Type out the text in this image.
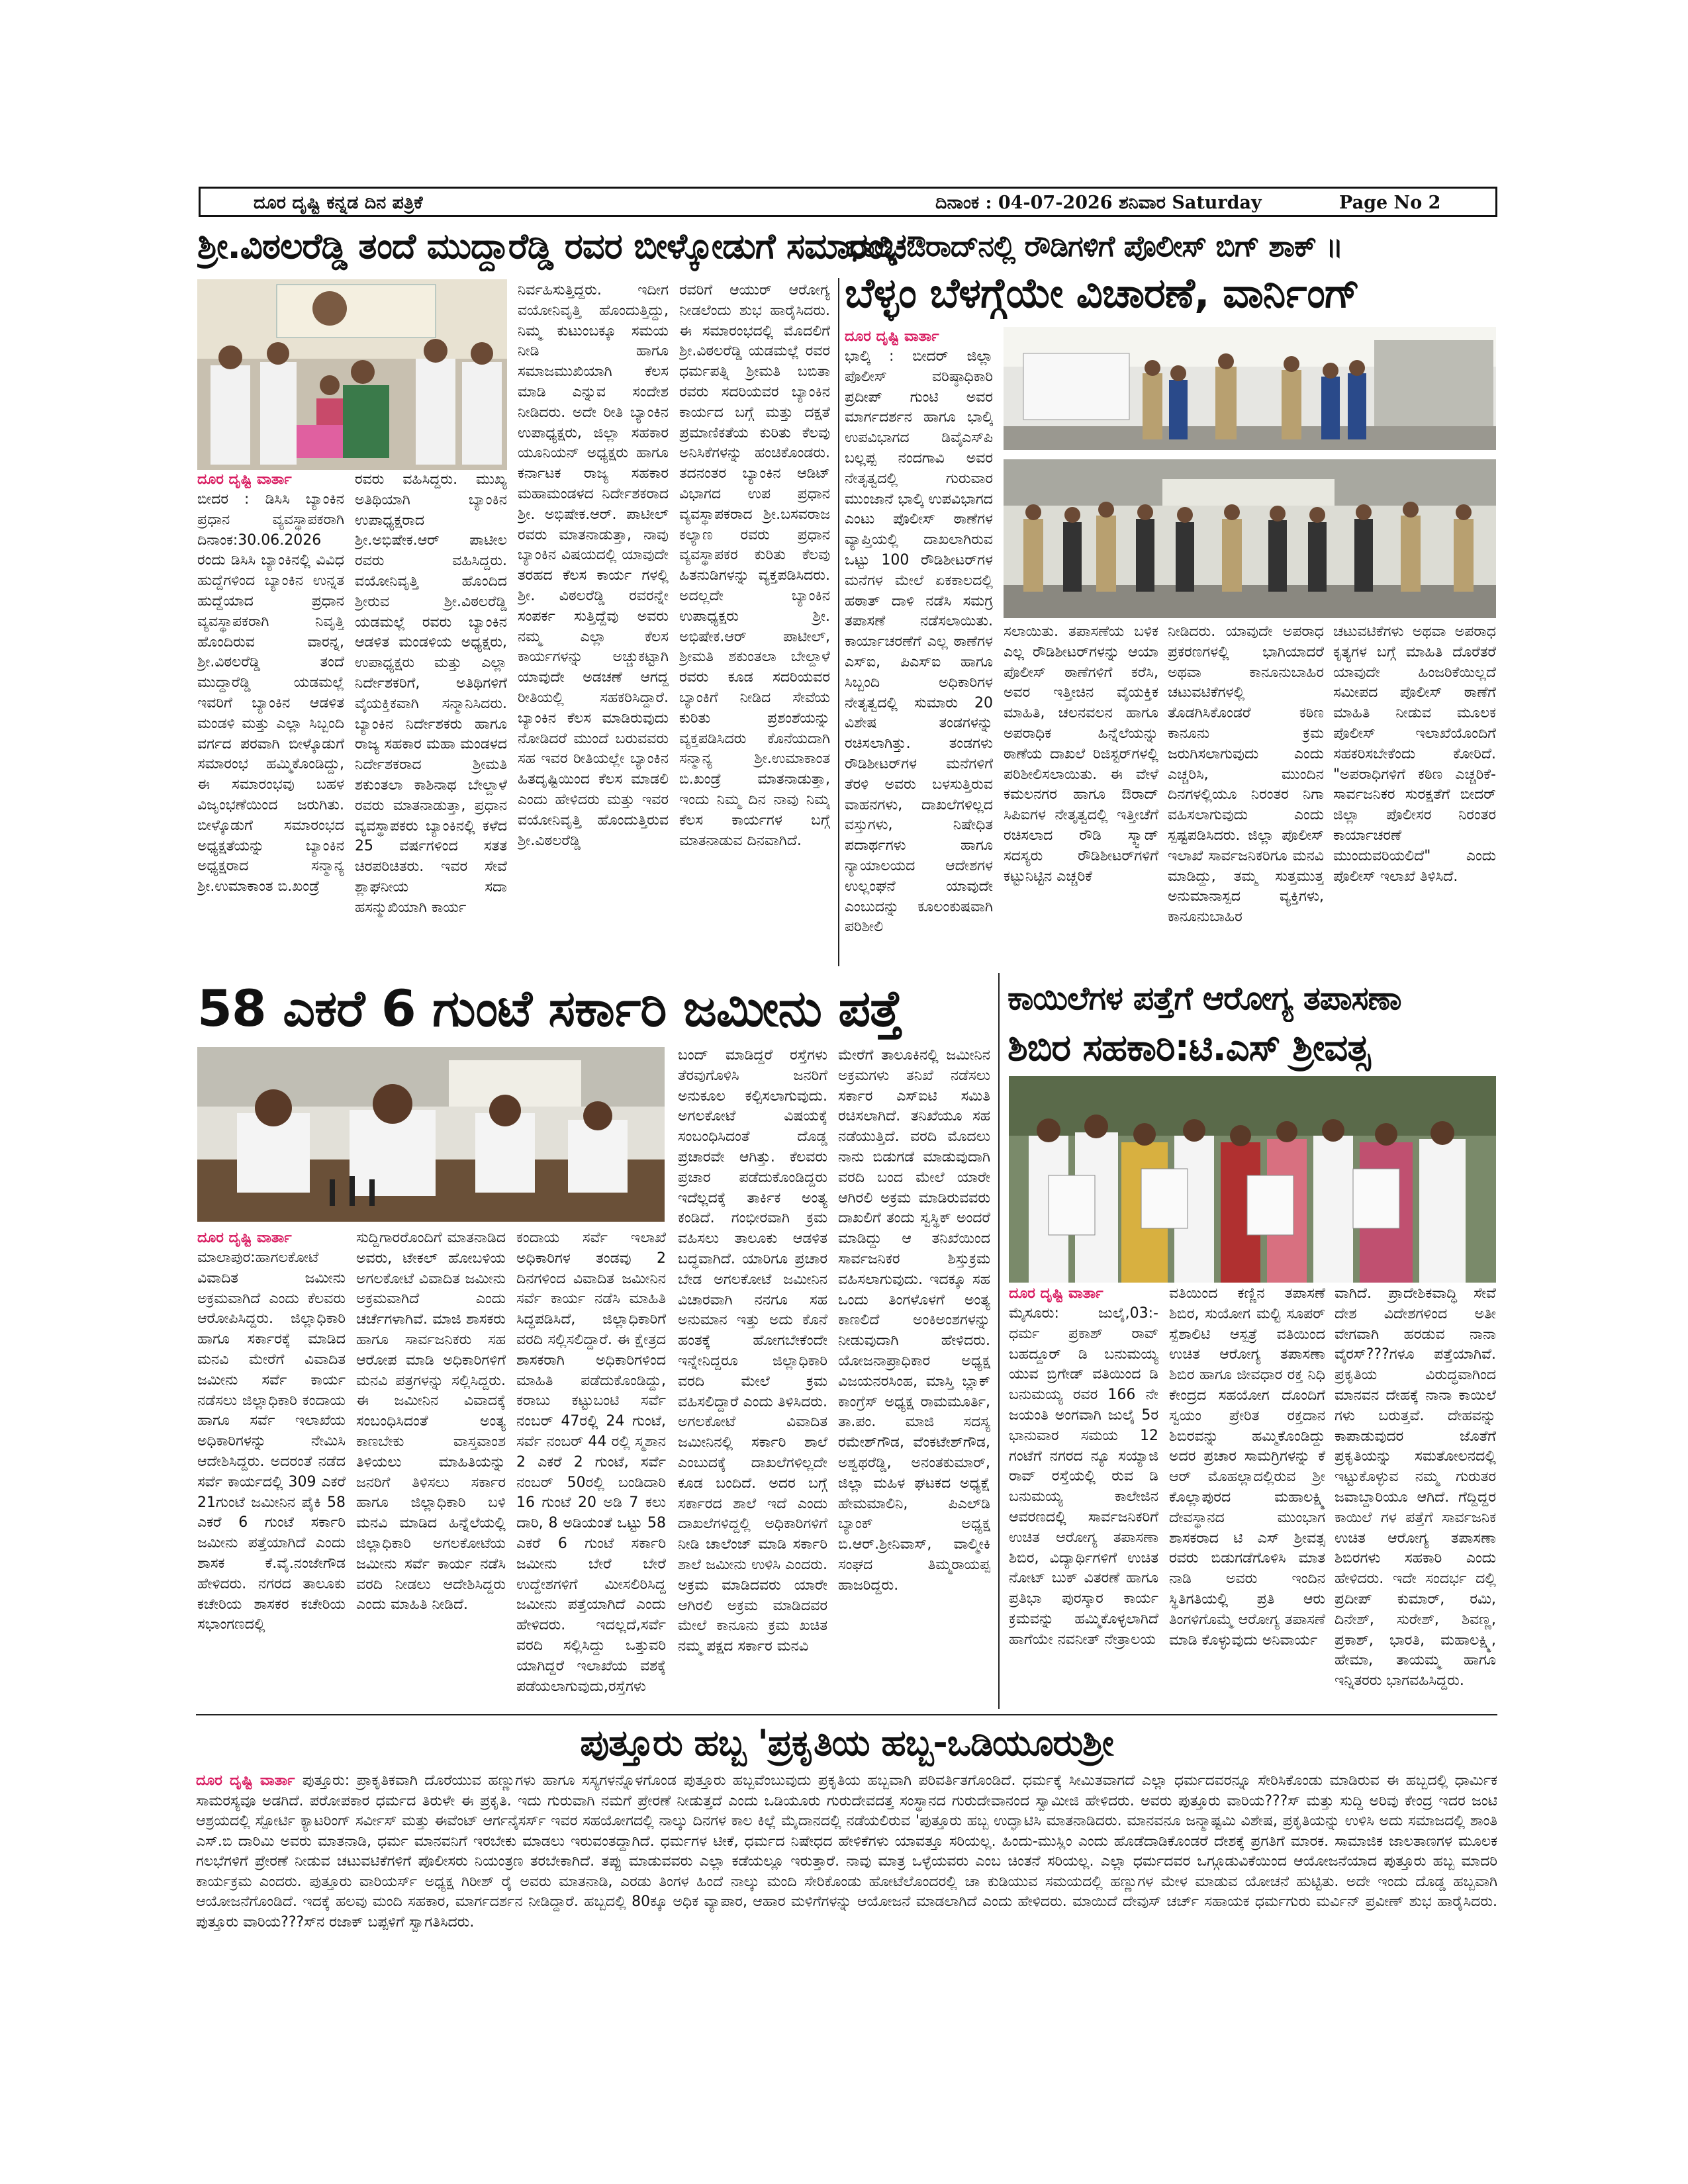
ದೂರ ದೃಷ್ಟಿ ಕನ್ನಡ ದಿನ ಪತ್ರಿಕೆ	ದಿನಾಂಕ : 04-07-2026 ಶನಿವಾರ Saturday	Page No 2
ಶ್ರೀ.ವಿಠಲರೆಡ್ಡಿ ತಂದೆ ಮುದ್ದಾರೆಡ್ಡಿ ರವರ ಬೀಳ್ಕೋಡುಗೆ ಸಮಾರಂಭ
ದೂರ ದೃಷ್ಟಿ ವಾರ್ತಾ

ಬೀದರ : ಡಿಸಿಸಿ ಬ್ಯಾಂಕಿನ ಪ್ರಧಾನ ವ್ಯವಸ್ಥಾಪಕರಾಗಿ ದಿನಾಂಕ:30.06.2026 ರಂದು ಡಿಸಿಸಿ ಬ್ಯಾಂಕಿನಲ್ಲಿ ವಿವಿಧ ಹುದ್ದೆಗಳಿಂದ ಬ್ಯಾಂಕಿನ ಉನ್ನತ ಹುದ್ದೆಯಾದ ಪ್ರಧಾನ ವ್ಯವಸ್ಥಾಪಕರಾಗಿ ನಿವೃತ್ತಿ ಹೊಂದಿರುವ ವಾರನ್ನ, ಶ್ರೀ.ವಿಠಲರೆಡ್ಡಿ ತಂದೆ ಮುದ್ದಾರೆಡ್ಡಿ ಯಡಮಲ್ಲೆ ಇವರಿಗೆ ಬ್ಯಾಂಕಿನ ಆಡಳಿತ ಮಂಡಳಿ ಮತ್ತು ಎಲ್ಲಾ ಸಿಬ್ಬಂದಿ ವರ್ಗದ ಪರವಾಗಿ ಬೀಳ್ಕೊಡುಗೆ ಸಮಾರಂಭ ಹಮ್ಮಿಕೊಂಡಿದ್ದು, ಈ ಸಮಾರಂಭವು ಬಹಳ ವಿಜೃಂಭಣೆಯಿಂದ ಜರುಗಿತು. ಬೀಳ್ಕೊಡುಗೆ ಸಮಾರಂಭದ ಅಧ್ಯಕ್ಷತೆಯನ್ನು ಬ್ಯಾಂಕಿನ ಅಧ್ಯಕ್ಷರಾದ ಸನ್ಮಾನ್ಯ ಶ್ರೀ.ಉಮಾಕಾಂತ ಬಿ.ಖಂಡ್ರೆ

ರವರು ವಹಿಸಿದ್ದರು. ಮುಖ್ಯ ಅತಿಥಿಯಾಗಿ ಬ್ಯಾಂಕಿನ ಉಪಾಧ್ಯಕ್ಷರಾದ ಶ್ರೀ.ಅಭಿಷೇಕ.ಆರ್ ಪಾಟೀಲ ರವರು ವಹಿಸಿದ್ದರು. ವಯೋನಿವೃತ್ತಿ ಹೊಂದಿದ ಶ್ರೀರುವ ಶ್ರೀ.ವಿಠಲರೆಡ್ಡಿ ಯಡಮಲ್ಲೆ ರವರು ಬ್ಯಾಂಕಿನ ಆಡಳಿತ ಮಂಡಳಿಯ ಅಧ್ಯಕ್ಷರು, ಉಪಾಧ್ಯಕ್ಷರು ಮತ್ತು ಎಲ್ಲಾ ನಿರ್ದೇಶಕರಿಗೆ, ಅತಿಥಿಗಳಿಗೆ ವೈಯಕ್ತಿಕವಾಗಿ ಸನ್ಮಾನಿಸಿದರು. ಬ್ಯಾಂಕಿನ ನಿರ್ದೇಶಕರು ಹಾಗೂ ರಾಜ್ಯ ಸಹಕಾರ ಮಹಾ ಮಂಡಳದ ನಿರ್ದೇಶಕರಾದ ಶ್ರೀಮತಿ ಶಕುಂತಲಾ ಕಾಶಿನಾಥ ಬೇಲ್ದಾಳೆ ರವರು ಮಾತನಾಡುತ್ತಾ, ಪ್ರಧಾನ ವ್ಯವಸ್ಥಾಪಕರು ಬ್ಯಾಂಕಿನಲ್ಲಿ ಕಳೆದ 25 ವರ್ಷಗಳಿಂದ ಸತತ ಚಿರಪರಿಚಿತರು. ಇವರ ಸೇವೆ ಶ್ಲಾಘನೀಯ ಸದಾ ಹಸನ್ಮುಖಿಯಾಗಿ ಕಾರ್ಯ

ನಿರ್ವಹಿಸುತ್ತಿದ್ದರು. ಇದೀಗ ವಯೋನಿವೃತ್ತಿ ಹೊಂದುತ್ತಿದ್ದು, ನಿಮ್ಮ ಕುಟುಂಬಕ್ಕೂ ಸಮಯ ನೀಡಿ ಹಾಗೂ ಸಮಾಜಮುಖಿಯಾಗಿ ಕೆಲಸ ಮಾಡಿ ಎನ್ನುವ ಸಂದೇಶ ನೀಡಿದರು. ಅದೇ ರೀತಿ ಬ್ಯಾಂಕಿನ ಉಪಾಧ್ಯಕ್ಷರು, ಜಿಲ್ಲಾ ಸಹಕಾರ ಯೂನಿಯನ್ ಅಧ್ಯಕ್ಷರು ಹಾಗೂ ಕರ್ನಾಟಕ ರಾಜ್ಯ ಸಹಕಾರ ಮಹಾಮಂಡಳದ ನಿರ್ದೇಶಕರಾದ ಶ್ರೀ. ಅಭಿಷೇಕ.ಆರ್. ಪಾಟೀಲ್ ರವರು ಮಾತನಾಡುತ್ತಾ, ನಾವು ಬ್ಯಾಂಕಿನ ವಿಷಯದಲ್ಲಿ ಯಾವುದೇ ತರಹದ ಕೆಲಸ ಕಾರ್ಯ ಗಳಲ್ಲಿ ಶ್ರೀ. ವಿಠಲರೆಡ್ಡಿ ರವರನ್ನೇ ಸಂಪರ್ಕ ಸುತ್ತಿದ್ದೆವು ಅವರು ನಮ್ಮ ಎಲ್ಲಾ ಕೆಲಸ ಕಾರ್ಯಗಳನ್ನು ಅಚ್ಚುಕಟ್ಟಾಗಿ ಯಾವುದೇ ಅಡಚಣೆ ಆಗದ್ದ ರೀತಿಯಲ್ಲಿ ಸಹಕರಿಸಿದ್ದಾರೆ. ಬ್ಯಾಂಕಿನ ಕೆಲಸ ಮಾಡಿರುವುದು ನೋಡಿದರೆ ಮುಂದೆ ಬರುವವರು ಸಹ ಇವರ ರೀತಿಯಲ್ಲೇ ಬ್ಯಾಂಕಿನ ಹಿತದೃಷ್ಟಿಯಿಂದ ಕೆಲಸ ಮಾಡಲಿ ಎಂದು ಹೇಳಿದರು ಮತ್ತು ಇವರ ವಯೋನಿವೃತ್ತಿ ಹೊಂದುತ್ತಿರುವ ಶ್ರೀ.ವಿಠಲರೆಡ್ಡಿ

ರವರಿಗೆ ಆಯುರ್ ಆರೋಗ್ಯ ನೀಡಲೆಂದು ಶುಭ ಹಾರೈಸಿದರು. ಈ ಸಮಾರಂಭದಲ್ಲಿ ಮೊದಲಿಗೆ ಶ್ರೀ.ವಿಠಲರೆಡ್ಡಿ ಯಡಮಲ್ಲೆ ರವರ ಧರ್ಮಪತ್ನಿ ಶ್ರೀಮತಿ ಬಬಿತಾ ರವರು ಸದರಿಯವರ ಬ್ಯಾಂಕಿನ ಕಾರ್ಯದ ಬಗ್ಗೆ ಮತ್ತು ದಕ್ಷತೆ ಪ್ರಮಾಣಿಕತೆಯ ಕುರಿತು ಕೆಲವು ಅನಿಸಿಕೆಗಳನ್ನು ಹಂಚಿಕೊಂಡರು. ತದನಂತರ ಬ್ಯಾಂಕಿನ ಆಡಿಟ್ ವಿಭಾಗದ ಉಪ ಪ್ರಧಾನ ವ್ಯವಸ್ಥಾಪಕರಾದ ಶ್ರೀ.ಬಸವರಾಜ ಕಲ್ಯಾಣ ರವರು ಪ್ರಧಾನ ವ್ಯವಸ್ಥಾಪಕರ ಕುರಿತು ಕೆಲವು ಹಿತನುಡಿಗಳನ್ನು ವ್ಯಕ್ತಪಡಿಸಿದರು. ಅದಲ್ಲದೇ ಬ್ಯಾಂಕಿನ ಉಪಾಧ್ಯಕ್ಷರು ಶ್ರೀ. ಅಭಿಷೇಕ.ಆರ್ ಪಾಟೀಲ್, ಶ್ರೀಮತಿ ಶಕುಂತಲಾ ಬೇಲ್ದಾಳೆ ರವರು ಕೂಡ ಸದರಿಯವರ ಬ್ಯಾಂಕಿಗೆ ನೀಡಿದ ಸೇವೆಯ ಕುರಿತು ಪ್ರಶಂಶೆಯನ್ನು ವ್ಯಕ್ತಪಡಿಸಿದರು ಕೊನೆಯದಾಗಿ ಸನ್ಮಾನ್ಯ ಶ್ರೀ.ಉಮಾಕಾಂತ ಬಿ.ಖಂಡ್ರೆ ಮಾತನಾಡುತ್ತಾ, ಇಂದು ನಿಮ್ಮ ದಿನ ನಾವು ನಿಮ್ಮ ಕೆಲಸ ಕಾರ್ಯಗಳ ಬಗ್ಗೆ ಮಾತನಾಡುವ ದಿನವಾಗಿದೆ.

ಭಾಲ್ಕಿ-ಔರಾದ್‌ನಲ್ಲಿ ರೌಡಿಗಳಿಗೆ ಪೊಲೀಸ್ ಬಿಗ್ ಶಾಕ್ ॥
ಬೆಳ್ಳಂ ಬೆಳಗ್ಗೆಯೇ ವಿಚಾರಣೆ, ವಾರ್ನಿಂಗ್
ದೂರ ದೃಷ್ಟಿ ವಾರ್ತಾ

ಭಾಲ್ಕಿ : ಬೀದರ್ ಜಿಲ್ಲಾ ಪೊಲೀಸ್ ವರಿಷ್ಠಾಧಿಕಾರಿ ಪ್ರದೀಪ್ ಗುಂಟಿ ಅವರ ಮಾರ್ಗದರ್ಶನ ಹಾಗೂ ಭಾಲ್ಕಿ ಉಪವಿಭಾಗದ ಡಿವೈಎಸ್‌ಪಿ ಬಲ್ಲಪ್ಪ ನಂದಗಾವಿ ಅವರ ನೇತೃತ್ವದಲ್ಲಿ ಗುರುವಾರ ಮುಂಜಾನೆ ಭಾಲ್ಕಿ ಉಪವಿಭಾಗದ ಎಂಟು ಪೊಲೀಸ್ ಠಾಣೆಗಳ ವ್ಯಾಪ್ತಿಯಲ್ಲಿ ದಾಖಲಾಗಿರುವ ಒಟ್ಟು 100 ರೌಡಿಶೀಟರ್‌ಗಳ ಮನೆಗಳ ಮೇಲೆ ಏಕಕಾಲದಲ್ಲಿ ಹಠಾತ್ ದಾಳಿ ನಡೆಸಿ ಸಮಗ್ರ ತಪಾಸಣೆ ನಡೆಸಲಾಯಿತು. ಕಾರ್ಯಾಚರಣೆಗೆ ಎಲ್ಲ ಠಾಣೆಗಳ ಎಸ್‌ಐ, ಪಿಎಸ್‌ಐ ಹಾಗೂ ಸಿಬ್ಬಂದಿ ಅಧಿಕಾರಿಗಳ ನೇತೃತ್ವದಲ್ಲಿ ಸುಮಾರು 20 ವಿಶೇಷ ತಂಡಗಳನ್ನು ರಚಿಸಲಾಗಿತ್ತು. ತಂಡಗಳು ರೌಡಿಶೀಟರ್‌ಗಳ ಮನೆಗಳಿಗೆ ತೆರಳಿ ಅವರು ಬಳಸುತ್ತಿರುವ ವಾಹನಗಳು, ದಾಖಲೆಗಳಿಲ್ಲದ ವಸ್ತುಗಳು, ನಿಷೇಧಿತ ಪದಾರ್ಥಗಳು ಹಾಗೂ ನ್ಯಾಯಾಲಯದ ಆದೇಶಗಳ ಉಲ್ಲಂಘನೆ ಯಾವುದೇ ಎಂಬುದನ್ನು ಕೂಲಂಕುಷವಾಗಿ ಪರಿಶೀಲಿ

ಸಲಾಯಿತು. ತಪಾಸಣೆಯ ಬಳಿಕ ಎಲ್ಲ ರೌಡಿಶೀಟರ್‌ಗಳನ್ನು ಆಯಾ ಪೊಲೀಸ್ ಠಾಣೆಗಳಿಗೆ ಕರೆಸಿ, ಅವರ ಇತ್ತೀಚಿನ ವೈಯಕ್ತಿಕ ಮಾಹಿತಿ, ಚಲನವಲನ ಹಾಗೂ ಅಪರಾಧಿಕ ಹಿನ್ನೆಲೆಯನ್ನು ಠಾಣೆಯ ದಾಖಲೆ ರಿಜಿಸ್ಟರ್‌ಗಳಲ್ಲಿ ಪರಿಶೀಲಿಸಲಾಯಿತು. ಈ ವೇಳೆ ಕಮಲನಗರ ಹಾಗೂ ಔರಾದ್ ಸಿಪಿಐಗಳ ನೇತೃತ್ವದಲ್ಲಿ ಇತ್ತೀಚೆಗೆ ರಚಿಸಲಾದ ರೌಡಿ ಸ್ಕ್ವಾಡ್ ಸದಸ್ಯರು ರೌಡಿಶೀಟರ್‌ಗಳಿಗೆ ಕಟ್ಟುನಿಟ್ಟಿನ ಎಚ್ಚರಿಕೆ

ನೀಡಿದರು. ಯಾವುದೇ ಅಪರಾಧ ಪ್ರಕರಣಗಳಲ್ಲಿ ಭಾಗಿಯಾದರೆ ಅಥವಾ ಕಾನೂನುಬಾಹಿರ ಚಟುವಟಿಕೆಗಳಲ್ಲಿ ತೊಡಗಿಸಿಕೊಂಡರೆ ಕಠಿಣ ಕಾನೂನು ಕ್ರಮ ಜರುಗಿಸಲಾಗುವುದು ಎಂದು ಎಚ್ಚರಿಸಿ, ಮುಂದಿನ ದಿನಗಳಲ್ಲಿಯೂ ನಿರಂತರ ನಿಗಾ ವಹಿಸಲಾಗುವುದು ಎಂದು ಸ್ಪಷ್ಟಪಡಿಸಿದರು. ಜಿಲ್ಲಾ ಪೊಲೀಸ್ ಇಲಾಖೆ ಸಾರ್ವಜನಿಕರಿಗೂ ಮನವಿ ಮಾಡಿದ್ದು, ತಮ್ಮ ಸುತ್ತಮುತ್ತ ಅನುಮಾನಾಸ್ಪದ ವ್ಯಕ್ತಿಗಳು, ಕಾನೂನುಬಾಹಿರ

ಚಟುವಟಿಕೆಗಳು ಅಥವಾ ಅಪರಾಧ ಕೃತ್ಯಗಳ ಬಗ್ಗೆ ಮಾಹಿತಿ ದೊರೆತರೆ ಯಾವುದೇ ಹಿಂಜರಿಕೆಯಿಲ್ಲದೆ ಸಮೀಪದ ಪೊಲೀಸ್ ಠಾಣೆಗೆ ಮಾಹಿತಿ ನೀಡುವ ಮೂಲಕ ಪೊಲೀಸ್ ಇಲಾಖೆಯೊಂದಿಗೆ ಸಹಕರಿಸಬೇಕೆಂದು ಕೋರಿದೆ. "ಅಪರಾಧಿಗಳಿಗೆ ಕಠಿಣ ಎಚ್ಚರಿಕೆ-ಸಾರ್ವಜನಿಕರ ಸುರಕ್ಷತೆಗೆ ಬೀದರ್ ಜಿಲ್ಲಾ ಪೊಲೀಸರ ನಿರಂತರ ಕಾರ್ಯಾಚರಣೆ ಮುಂದುವರಿಯಲಿದೆ" ಎಂದು ಪೊಲೀಸ್ ಇಲಾಖೆ ತಿಳಿಸಿದೆ.

58 ಎಕರೆ 6 ಗುಂಟೆ ಸರ್ಕಾರಿ ಜಮೀನು ಪತ್ತೆ
ದೂರ ದೃಷ್ಟಿ ವಾರ್ತಾ

ಮಾಲಾಪುರ:ಹಾಗಲಕೋಟೆ ವಿವಾದಿತ ಜಮೀನು ಅಕ್ರಮವಾಗಿದೆ ಎಂದು ಕೆಲವರು ಆರೋಪಿಸಿದ್ದರು. ಜಿಲ್ಲಾಧಿಕಾರಿ ಹಾಗೂ ಸರ್ಕಾರಕ್ಕೆ ಮಾಡಿದ ಮನವಿ ಮೇರೆಗೆ ವಿವಾದಿತ ಜಮೀನು ಸರ್ವೆ ಕಾರ್ಯ ನಡೆಸಲು ಜಿಲ್ಲಾಧಿಕಾರಿ ಕಂದಾಯ ಹಾಗೂ ಸರ್ವೆ ಇಲಾಖೆಯ ಅಧಿಕಾರಿಗಳನ್ನು ನೇಮಿಸಿ ಆದೇಶಿಸಿದ್ದರು. ಅದರಂತೆ ನಡೆದ ಸರ್ವೆ ಕಾರ್ಯದಲ್ಲಿ 309 ಎಕರೆ 21ಗುಂಟೆ ಜಮೀನಿನ ಪೈಕಿ 58 ಎಕರೆ 6 ಗುಂಟೆ ಸರ್ಕಾರಿ ಜಮೀನು ಪತ್ತೆಯಾಗಿದೆ ಎಂದು ಶಾಸಕ ಕೆ.ವೈ.ನಂಜೇಗೌಡ ಹೇಳಿದರು. ನಗರದ ತಾಲೂಕು ಕಚೇರಿಯ ಶಾಸಕರ ಕಚೇರಿಯ ಸಭಾಂಗಣದಲ್ಲಿ

ಸುದ್ದಿಗಾರರೊಂದಿಗೆ ಮಾತನಾಡಿದ ಅವರು, ಟೇಕಲ್ ಹೋಬಳಿಯ ಅಗಲಕೋಟೆ ವಿವಾದಿತ ಜಮೀನು ಅಕ್ರಮವಾಗಿದೆ ಎಂದು ಚರ್ಚೆಗಳಾಗಿವೆ. ಮಾಜಿ ಶಾಸಕರು ಹಾಗೂ ಸಾರ್ವಜನಿಕರು ಸಹ ಆರೋಪ ಮಾಡಿ ಅಧಿಕಾರಿಗಳಿಗೆ ಮನವಿ ಪತ್ರಗಳನ್ನು ಸಲ್ಲಿಸಿದ್ದರು. ಈ ಜಮೀನಿನ ವಿವಾದಕ್ಕೆ ಸಂಬಂಧಿಸಿದಂತೆ ಅಂತ್ಯ ಕಾಣಬೇಕು ವಾಸ್ತವಾಂಶ ತಿಳಿಯಲು ಮಾಹಿತಿಯನ್ನು ಜನರಿಗೆ ತಿಳಿಸಲು ಸರ್ಕಾರ ಹಾಗೂ ಜಿಲ್ಲಾಧಿಕಾರಿ ಬಳಿ ಮನವಿ ಮಾಡಿದ ಹಿನ್ನೆಲೆಯಲ್ಲಿ ಜಿಲ್ಲಾಧಿಕಾರಿ ಅಗಲಕೋಟೆಯ ಜಮೀನು ಸರ್ವೆ ಕಾರ್ಯ ನಡೆಸಿ ವರದಿ ನೀಡಲು ಆದೇಶಿಸಿದ್ದರು ಎಂದು ಮಾಹಿತಿ ನೀಡಿದೆ.

ಕಂದಾಯ ಸರ್ವೆ ಇಲಾಖೆ ಅಧಿಕಾರಿಗಳ ತಂಡವು 2 ದಿನಗಳಿಂದ ವಿವಾದಿತ ಜಮೀನಿನ ಸರ್ವೆ ಕಾರ್ಯ ನಡೆಸಿ ಮಾಹಿತಿ ಸಿದ್ಧಪಡಿಸಿದೆ, ಜಿಲ್ಲಾಧಿಕಾರಿಗೆ ವರದಿ ಸಲ್ಲಿಸಲಿದ್ದಾರೆ. ಈ ಕ್ಷೇತ್ರದ ಶಾಸಕರಾಗಿ ಅಧಿಕಾರಿಗಳಿಂದ ಮಾಹಿತಿ ಪಡೆದುಕೊಂಡಿದ್ದು, ಕರಾಬು ಕಟ್ಟುಬಂಟಿ ಸರ್ವೆ ನಂಬರ್ 47ರಲ್ಲಿ 24 ಗುಂಟೆ, ಸರ್ವೆ ನಂಬರ್ 44 ರಲ್ಲಿ ಸ್ಮಶಾನ 2 ಎಕರೆ 2 ಗುಂಟೆ, ಸರ್ವೆ ನಂಬರ್ 50ರಲ್ಲಿ ಬಂಡಿದಾರಿ 16 ಗುಂಟೆ 20 ಅಡಿ 7 ಕಲು ದಾರಿ, 8 ಅಡಿಯಂತೆ ಒಟ್ಟು 58 ಎಕರೆ 6 ಗುಂಟೆ ಸರ್ಕಾರಿ ಜಮೀನು ಬೇರೆ ಬೇರೆ ಉದ್ದೇಶಗಳಿಗೆ ಮೀಸಲಿರಿಸಿದ್ದ ಜಮೀನು ಪತ್ತೆಯಾಗಿದೆ ಎಂದು ಹೇಳಿದರು. ಇದಲ್ಲದೆ,ಸರ್ವೆ ವರದಿ ಸಲ್ಲಿಸಿದ್ದು ಒತ್ತುವರಿ ಯಾಗಿದ್ದರೆ ಇಲಾಖೆಯ ವಶಕ್ಕೆ ಪಡೆಯಲಾಗುವುದು,ರಸ್ತೆಗಳು

ಬಂದ್ ಮಾಡಿದ್ದರೆ ರಸ್ತೆಗಳು ತೆರವುಗೊಳಿಸಿ ಜನರಿಗೆ ಅನುಕೂಲ ಕಲ್ಪಿಸಲಾಗುವುದು. ಅಗಲಕೋಟೆ ವಿಷಯಕ್ಕೆ ಸಂಬಂಧಿಸಿದಂತೆ ದೊಡ್ಡ ಪ್ರಚಾರವೇ ಆಗಿತ್ತು. ಕೆಲವರು ಪ್ರಚಾರ ಪಡೆದುಕೊಂಡಿದ್ದರು ಇದೆಲ್ಲದಕ್ಕೆ ತಾರ್ಕಿಕ ಅಂತ್ಯ ಕಂಡಿದೆ. ಗಂಭೀರವಾಗಿ ಕ್ರಮ ವಹಿಸಲು ತಾಲೂಕು ಆಡಳಿತ ಬದ್ಧವಾಗಿದೆ. ಯಾರಿಗೂ ಪ್ರಚಾರ ಬೇಡ ಅಗಲಕೋಟೆ ಜಮೀನಿನ ವಿಚಾರವಾಗಿ ನನಗೂ ಸಹ ಅನುಮಾನ ಇತ್ತು ಅದು ಕೊನೆ ಹಂತಕ್ಕೆ ಹೋಗಬೇಕೆಂದೇ ಇನ್ನೇನಿದ್ದರೂ ಜಿಲ್ಲಾಧಿಕಾರಿ ವರದಿ ಮೇಲೆ ಕ್ರಮ ವಹಿಸಲಿದ್ದಾರೆ ಎಂದು ತಿಳಿಸಿದರು. ಅಗಲಕೋಟೆ ವಿವಾದಿತ ಜಮೀನಿನಲ್ಲಿ ಸರ್ಕಾರಿ ಶಾಲೆ ಎಂಬುದಕ್ಕೆ ದಾಖಲೆಗಳಿಲ್ಲದೇ ಕೂಡ ಬಂದಿದೆ. ಅದರ ಬಗ್ಗೆ ಸರ್ಕಾರದ ಶಾಲೆ ಇದೆ ಎಂದು ದಾಖಲೆಗಳಿದ್ದಲ್ಲಿ ಅಧಿಕಾರಿಗಳಿಗೆ ನೀಡಿ ಚಾಲೆಂಜ್ ಮಾಡಿ ಸರ್ಕಾರಿ ಶಾಲೆ ಜಮೀನು ಉಳಿಸಿ ಎಂದರು. ಅಕ್ರಮ ಮಾಡಿದವರು ಯಾರೇ ಆಗಿರಲಿ ಅಕ್ರಮ ಮಾಡಿದವರ ಮೇಲೆ ಕಾನೂನು ಕ್ರಮ ಖಚಿತ ನಮ್ಮ ಪಕ್ಷದ ಸರ್ಕಾರ ಮನವಿ

ಮೇರೆಗೆ ತಾಲೂಕಿನಲ್ಲಿ ಜಮೀನಿನ ಅಕ್ರಮಗಳು ತನಿಖೆ ನಡೆಸಲು ಸರ್ಕಾರ ಎಸ್‌ಐಟಿ ಸಮಿತಿ ರಚಿಸಲಾಗಿದೆ. ತನಿಖೆಯೂ ಸಹ ನಡೆಯುತ್ತಿದೆ. ವರದಿ ಮೊದಲು ನಾನು ಬಿಡುಗಡೆ ಮಾಡುವುದಾಗಿ ವರದಿ ಬಂದ ಮೇಲೆ ಯಾರೇ ಆಗಿರಲಿ ಅಕ್ರಮ ಮಾಡಿರುವವರು ದಾಖಲಿಗೆ ತಂದು ಸ್ವಸ್ಥಿಕ್ ಅಂದರೆ ಮಾಡಿದ್ದು ಆ ತನಿಖೆಯಿಂದ ಸಾರ್ವಜನಿಕರ ಶಿಸ್ತುಕ್ರಮ ವಹಿಸಲಾಗುವುದು. ಇದಕ್ಕೂ ಸಹ ಒಂದು ತಿಂಗಳೊಳಗೆ ಅಂತ್ಯ ಕಾಣಲಿದೆ ಅಂಕಿಅಂಶಗಳನ್ನು ನೀಡುವುದಾಗಿ ಹೇಳಿದರು. ಯೋಜನಾಪ್ರಾಧಿಕಾರ ಅಧ್ಯಕ್ಷ ವಿಜಯನರಸಿಂಹ, ಮಾಸ್ತಿ ಬ್ಲಾಕ್ ಕಾಂಗ್ರೆಸ್ ಅಧ್ಯಕ್ಷ ರಾಮಮೂರ್ತಿ, ತಾ.ಪಂ. ಮಾಜಿ ಸದಸ್ಯ ರಮೇಶ್‌ಗೌಡ, ವೆಂಕಟೇಶ್‌ಗೌಡ, ಅಶ್ವಥರೆಡ್ಡಿ, ಅನಂತಕುಮಾರ್, ಜಿಲ್ಲಾ ಮಹಿಳ ಘಟಕದ ಅಧ್ಯಕ್ಷೆ ಹೇಮಮಾಲಿನಿ, ಪಿಎಲ್‌ಡಿ ಬ್ಯಾಂಕ್ ಅಧ್ಯಕ್ಷ ಬಿ.ಆರ್.ಶ್ರೀನಿವಾಸ್, ವಾಲ್ಮೀಕಿ ಸಂಘದ ತಿಮ್ಮರಾಯಪ್ಪ ಹಾಜರಿದ್ದರು.

ಕಾಯಿಲೆಗಳ ಪತ್ತೆಗೆ ಆರೋಗ್ಯ ತಪಾಸಣಾ
ಶಿಬಿರ ಸಹಕಾರಿ:ಟಿ.ಎಸ್ ಶ್ರೀವತ್ಸ
ದೂರ ದೃಷ್ಟಿ ವಾರ್ತಾ

ಮೈಸೂರು: ಜುಲೈ,03:- ಧರ್ಮ ಪ್ರಕಾಶ್ ರಾವ್ ಬಹದ್ದೂರ್ ಡಿ ಬನುಮಯ್ಯ ಯುವ ಬ್ರಿಗೇಡ್ ವತಿಯಿಂದ ಡಿ ಬನುಮಯ್ಯ ರವರ 166 ನೇ ಜಯಂತಿ ಅಂಗವಾಗಿ ಜುಲೈ 5ರ ಭಾನುವಾರ ಸಮಯ 12 ಗಂಟೆಗೆ ನಗರದ ನ್ಯೂ ಸಯ್ಯಾಜಿ ರಾವ್ ರಸ್ತೆಯಲ್ಲಿ ರುವ ಡಿ ಬನುಮಯ್ಯ ಕಾಲೇಜಿನ ಆವರಣದಲ್ಲಿ ಸಾರ್ವಜನಿಕರಿಗೆ ಉಚಿತ ಆರೋಗ್ಯ ತಪಾಸಣಾ ಶಿಬಿರ, ವಿದ್ಯಾರ್ಥಿಗಳಿಗೆ ಉಚಿತ ನೋಟ್ ಬುಕ್ ವಿತರಣೆ ಹಾಗೂ ಪ್ರತಿಭಾ ಪುರಸ್ಕಾರ ಕಾರ್ಯ ಕ್ರಮವನ್ನು ಹಮ್ಮಿಕೊಳ್ಳಲಾಗಿದೆ ಹಾಗೆಯೇ ನವನೀತ್ ನೇತ್ರಾಲಯ

ವತಿಯಿಂದ ಕಣ್ಣಿನ ತಪಾಸಣೆ ಶಿಬಿರ, ಸುಯೋಗ ಮಲ್ಟಿ ಸೂಪರ್ ಸ್ಪೆಶಾಲಿಟಿ ಆಸ್ಪತ್ರೆ ವತಿಯಿಂದ ಉಚಿತ ಆರೋಗ್ಯ ತಪಾಸಣಾ ಶಿಬಿರ ಹಾಗೂ ಜೀವಧಾರ ರಕ್ತ ನಿಧಿ ಕೇಂದ್ರದ ಸಹಯೋಗ ದೊಂದಿಗೆ ಸ್ವಯಂ ಪ್ರೇರಿತ ರಕ್ತದಾನ ಶಿಬಿರವನ್ನು ಹಮ್ಮಿಕೊಂಡಿದ್ದು ಅದರ ಪ್ರಚಾರ ಸಾಮಗ್ರಿಗಳನ್ನು ಕೆ ಆರ್ ಮೊಹಲ್ಲಾದಲ್ಲಿರುವ ಶ್ರೀ ಕೊಲ್ಲಾಪುರದ ಮಹಾಲಕ್ಷ್ಮಿ ದೇವಸ್ಥಾನದ ಮುಂಭಾಗ ಶಾಸಕರಾದ ಟಿ ಎಸ್ ಶ್ರೀವತ್ಸ ರವರು ಬಿಡುಗಡೆಗೊಳಿಸಿ ಮಾತ ನಾಡಿ ಅವರು ಇಂದಿನ ಸ್ಥಿತಿಗತಿಯಲ್ಲಿ ಪ್ರತಿ ಆರು ತಿಂಗಳಿಗೊಮ್ಮೆ ಆರೋಗ್ಯ ತಪಾಸಣೆ ಮಾಡಿ ಕೊಳ್ಳುವುದು ಅನಿವಾರ್ಯ

ವಾಗಿದೆ. ಪ್ರಾದೇಶಿಕವಾದ್ಧಿ ಸೇವೆ ದೇಶ ವಿದೇಶಗಳಿಂದ ಅತೀ ವೇಗವಾಗಿ ಹರಡುವ ನಾನಾ ವೈರಸ್???ಗಳೂ ಪತ್ತೆಯಾಗಿವೆ. ಪ್ರಕೃತಿಯ ವಿರುದ್ಧವಾಗಿಂದ ಮಾನವನ ದೇಹಕ್ಕೆ ನಾನಾ ಕಾಯಿಲೆ ಗಳು ಬರುತ್ತವೆ. ದೇಹವನ್ನು ಕಾಪಾಡುವುದರ ಜೊತೆಗೆ ಪ್ರಕೃತಿಯನ್ನು ಸಮತೋಲನದಲ್ಲಿ ಇಟ್ಟುಕೊಳ್ಳುವ ನಮ್ಮ ಗುರುತರ ಜವಾಬ್ದಾರಿಯೂ ಆಗಿದೆ. ಗೆದ್ದಿದ್ದರ ಕಾಯಿಲೆ ಗಳ ಪತ್ತೆಗೆ ಸಾರ್ವಜನಿಕ ಉಚಿತ ಆರೋಗ್ಯ ತಪಾಸಣಾ ಶಿಬಿರಗಳು ಸಹಕಾರಿ ಎಂದು ಹೇಳಿದರು. ಇದೇ ಸಂದರ್ಭ ದಲ್ಲಿ ಪ್ರದೀಪ್ ಕುಮಾರ್, ರಮಿ, ದಿನೇಶ್, ಸುರೇಶ್, ಶಿವಣ್ಣ, ಪ್ರಕಾಶ್, ಭಾರತಿ, ಮಹಾಲಕ್ಷ್ಮಿ, ಹೇಮಾ, ತಾಯಮ್ಮ ಹಾಗೂ ಇನ್ನಿತರರು ಭಾಗವಹಿಸಿದ್ದರು.

ಪುತ್ತೂರು ಹಬ್ಬ 'ಪ್ರಕೃತಿಯ ಹಬ್ಬ-ಒಡಿಯೂರುಶ್ರೀ
ದೂರ ದೃಷ್ಟಿ ವಾರ್ತಾ ಪುತ್ತೂರು: ಪ್ರಾಕೃತಿಕವಾಗಿ ದೊರೆಯುವ ಹಣ್ಣುಗಳು ಹಾಗೂ ಸಸ್ಯಗಳನ್ನೊಳಗೊಂಡ ಪುತ್ತೂರು ಹಬ್ಬವೆಂಬುವುದು ಪ್ರಕೃತಿಯ ಹಬ್ಬವಾಗಿ ಪರಿವರ್ತಿತಗೊಂಡಿದೆ. ಧರ್ಮಕ್ಕೆ ಸೀಮಿತವಾಗದೆ ಎಲ್ಲಾ ಧರ್ಮದವರನ್ನೂ ಸೇರಿಸಿಕೊಂಡು ಮಾಡಿರುವ ಈ ಹಬ್ಬದಲ್ಲಿ ಧಾರ್ಮಿಕ ಸಾಮರಸ್ಯವೂ ಅಡಗಿದೆ. ಪರೋಪಕಾರ ಧರ್ಮದ ತಿರುಳೇ ಈ ಪ್ರಕೃತಿ. ಇದು ಗುರುವಾಗಿ ನಮಗೆ ಪ್ರೇರಣೆ ನೀಡುತ್ತದೆ ಎಂದು ಒಡಿಯೂರು ಗುರುದೇವದತ್ತ ಸಂಸ್ಥಾನದ ಗುರುದೇವಾನಂದ ಸ್ವಾಮೀಜಿ ಹೇಳಿದರು. ಅವರು ಪುತ್ತೂರು ವಾರಿಯ???ಸ್ ಮತ್ತು ಸುದ್ದಿ ಅರಿವು ಕೇಂದ್ರ ಇದರ ಜಂಟಿ ಆಶ್ರಯದಲ್ಲಿ ಸ್ಪೋರ್ಟಿ ಕ್ಯಾಟರಿಂಗ್ ಸರ್ವೀಸ್ ಮತ್ತು ಈವೆಂಟ್ ಆರ್ಗನೈಸರ್ಸ್ ಇವರ ಸಹಯೋಗದಲ್ಲಿ ನಾಲ್ಕು ದಿನಗಳ ಕಾಲ ಕಿಲ್ಲೆ ಮೈದಾನದಲ್ಲಿ ನಡೆಯಲಿರುವ 'ಪುತ್ತೂರು ಹಬ್ಬ ಉದ್ಘಾಟಿಸಿ ಮಾತನಾಡಿದರು. ಮಾನವನೂ ಜನ್ಮಾಷ್ಟಮಿ ವಿಶೇಷ, ಪ್ರಕೃತಿಯನ್ನು ಉಳಿಸಿ ಅದು ಸಮಾಜದಲ್ಲಿ ಶಾಂತಿ ಎಸ್.ಬಿ ದಾರಿಮಿ ಅವರು ಮಾತನಾಡಿ, ಧರ್ಮ ಮಾನವನಿಗೆ ಇರಬೇಕು ಮಾಡಲು ಇರುವಂತದ್ದಾಗಿದೆ. ಧರ್ಮಗಳ ಟೀಕೆ, ಧರ್ಮದ ನಿಷೇಧದ ಹೇಳಿಕೆಗಳು ಯಾವತ್ತೂ ಸರಿಯಲ್ಲ. ಹಿಂದು-ಮುಸ್ಲಿಂ ಎಂದು ಹೊಡೆದಾಡಿಕೊಂಡರೆ ದೇಶಕ್ಕೆ ಪ್ರಗತಿಗೆ ಮಾರಕ. ಸಾಮಾಜಿಕ ಜಾಲತಾಣಗಳ ಮೂಲಕ ಗಲಭೆಗಳಿಗೆ ಪ್ರೇರಣೆ ನೀಡುವ ಚಟುವಟಿಕೆಗಳಿಗೆ ಪೊಲೀಸರು ನಿಯಂತ್ರಣ ತರಬೇಕಾಗಿದೆ. ತಪ್ಪು ಮಾಡುವವರು ಎಲ್ಲಾ ಕಡೆಯಲ್ಲೂ ಇರುತ್ತಾರೆ. ನಾವು ಮಾತ್ರ ಒಳ್ಳೆಯವರು ಎಂಬ ಚಿಂತನೆ ಸರಿಯಲ್ಲ. ಎಲ್ಲಾ ಧರ್ಮದವರ ಒಗ್ಗೂಡುವಿಕೆಯಿಂದ ಆಯೋಜನೆಯಾದ ಪುತ್ತೂರು ಹಬ್ಬ ಮಾದರಿ ಕಾರ್ಯಕ್ರಮ ಎಂದರು. ಪುತ್ತೂರು ವಾರಿಯರ್ಸ್ ಅಧ್ಯಕ್ಷ ಗಿರೀಶ್ ರೈ ಅವರು ಮಾತನಾಡಿ, ಎರಡು ತಿಂಗಳ ಹಿಂದೆ ನಾಲ್ಕು ಮಂದಿ ಸೇರಿಕೊಂಡು ಹೋಟೆಲೊಂದರಲ್ಲಿ ಚಾ ಕುಡಿಯುವ ಸಮಯದಲ್ಲಿ ಹಣ್ಣುಗಳ ಮೇಳ ಮಾಡುವ ಯೋಚನೆ ಹುಟ್ಟಿತು. ಅದೇ ಇಂದು ದೊಡ್ಡ ಹಬ್ಬವಾಗಿ ಆಯೋಜನೆಗೊಂಡಿದೆ. ಇದಕ್ಕೆ ಹಲವು ಮಂದಿ ಸಹಕಾರ, ಮಾರ್ಗದರ್ಶನ ನೀಡಿದ್ದಾರೆ. ಹಬ್ಬದಲ್ಲಿ 80ಕ್ಕೂ ಅಧಿಕ ವ್ಯಾಪಾರ, ಆಹಾರ ಮಳಿಗೆಗಳನ್ನು ಆಯೋಜನೆ ಮಾಡಲಾಗಿದೆ ಎಂದು ಹೇಳಿದರು. ಮಾಯಿದೆ ದೇವುಸ್ ಚರ್ಚ್ ಸಹಾಯಕ ಧರ್ಮಗುರು ಮರ್ವಿನ್ ಪ್ರವೀಣ್ ಶುಭ ಹಾರೈಸಿದರು. ಪುತ್ತೂರು ವಾರಿಯ???ಸ್‌ನ ರಜಾಕ್ ಬಪ್ಪಳಿಗೆ ಸ್ವಾಗತಿಸಿದರು.
